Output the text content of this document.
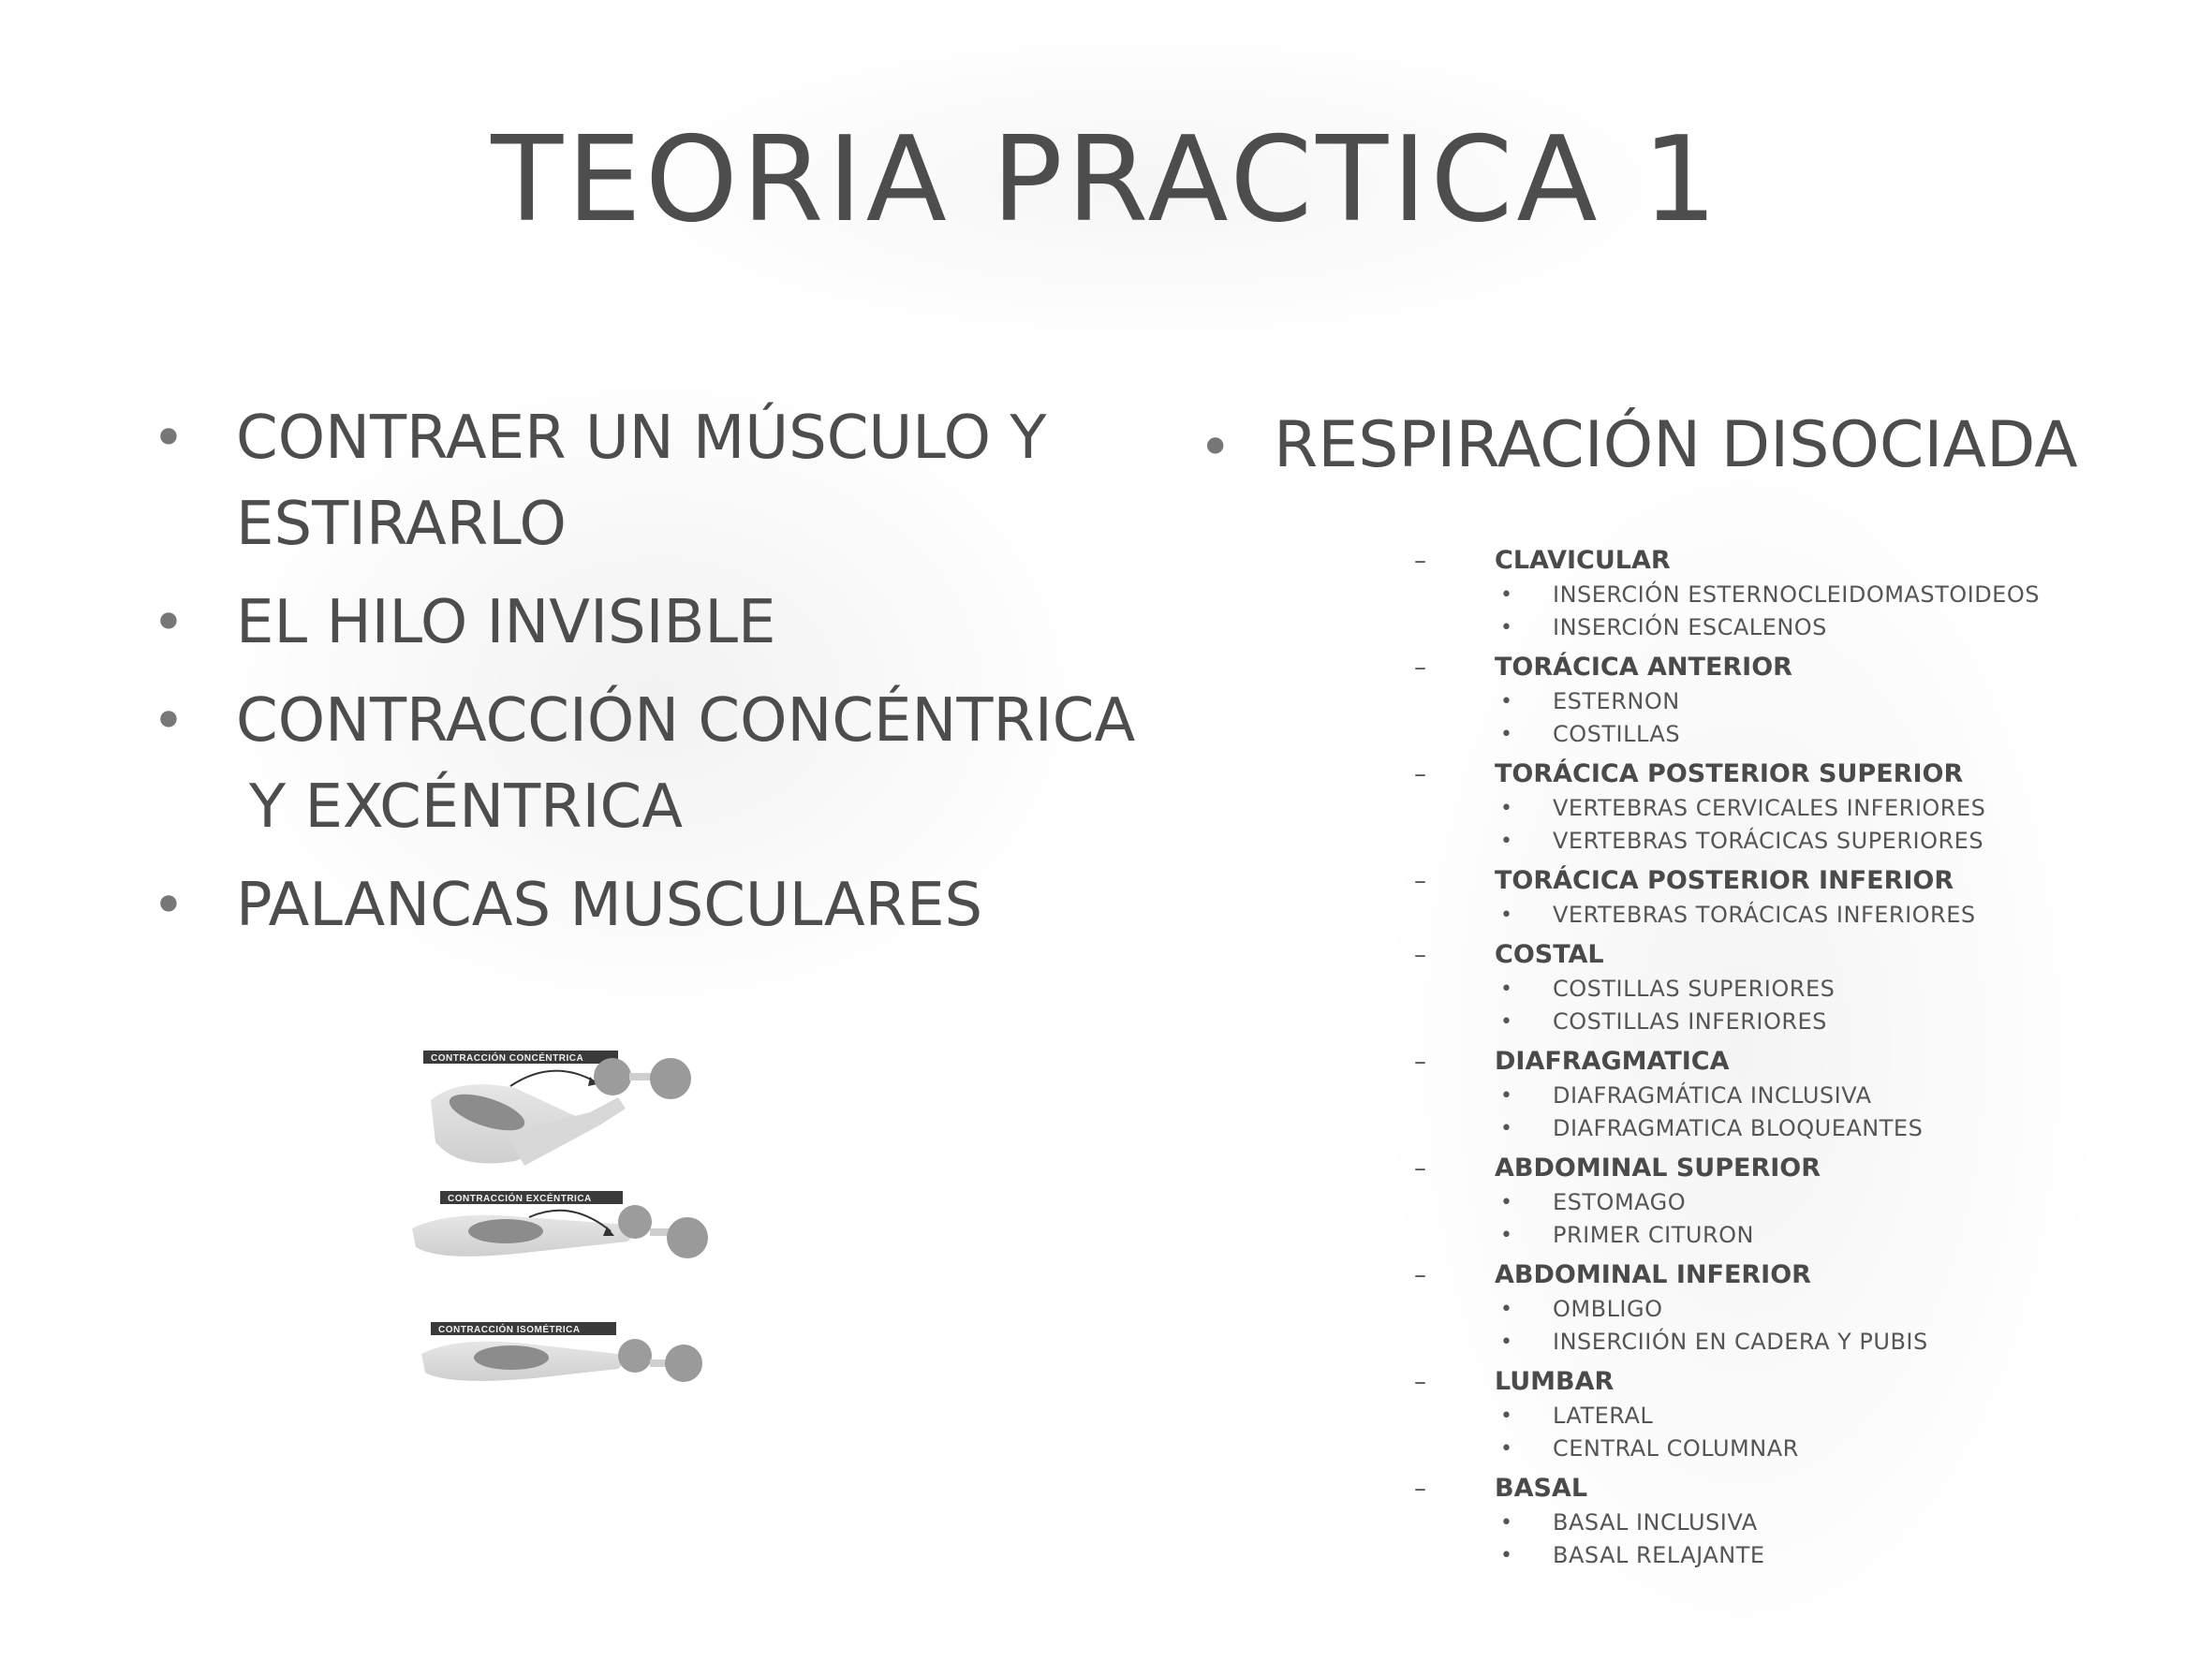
TEORIA PRACTICA 1
• CONTRAER UN MÚSCULO Y
ESTIRARLO
• EL HILO INVISIBLE
• CONTRACCIÓN CONCÉNTRICA
Y EXCÉNTRICA
• PALANCAS MUSCULARES
• RESPIRACIÓN DISOCIADA
–	CLAVICULAR
• INSERCIÓN ESTERNOCLEIDOMASTOIDEOS
• INSERCIÓN ESCALENOS
–	TORÁCICA ANTERIOR
• ESTERNON
• COSTILLAS
–	TORÁCICA POSTERIOR SUPERIOR
• VERTEBRAS CERVICALES INFERIORES
• VERTEBRAS TORÁCICAS SUPERIORES
–	TORÁCICA POSTERIOR INFERIOR
• VERTEBRAS TORÁCICAS INFERIORES
–	COSTAL
• COSTILLAS SUPERIORES
• COSTILLAS INFERIORES
–	DIAFRAGMATICA
• DIAFRAGMÁTICA INCLUSIVA
• DIAFRAGMATICA BLOQUEANTES
–	ABDOMINAL SUPERIOR
• ESTOMAGO
• PRIMER CITURON
–	ABDOMINAL INFERIOR
• OMBLIGO
• INSERCIIÓN EN CADERA Y PUBIS
–	LUMBAR
• LATERAL
• CENTRAL COLUMNAR
–	BASAL
• BASAL INCLUSIVA
• BASAL RELAJANTE
CONTRACCIÓN CONCÉNTRICA
CONTRACCIÓN EXCÉNTRICA
CONTRACCIÓN ISOMÉTRICA
